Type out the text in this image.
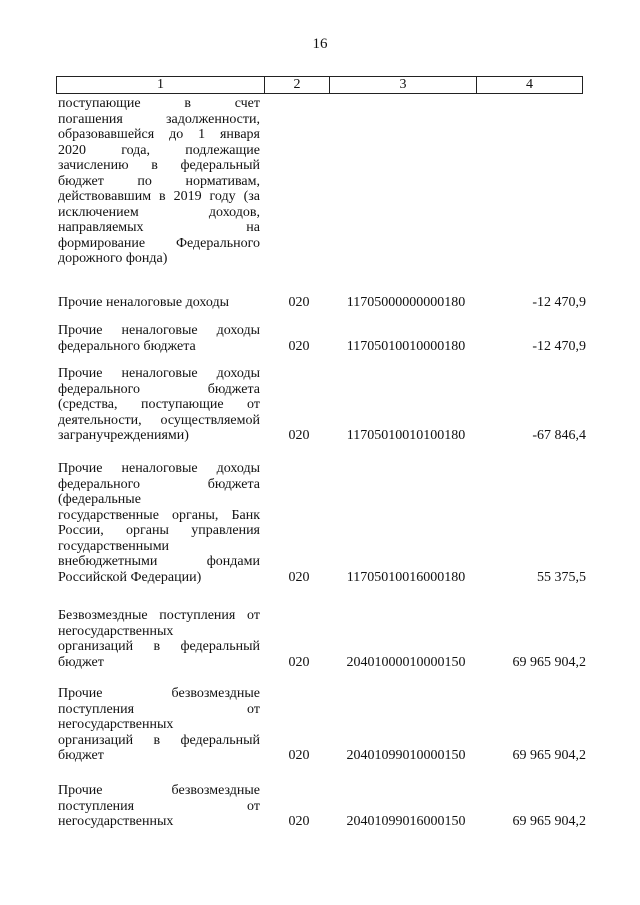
16
1	2	3	4
поступающие в счет
погашения задолженности,
образовавшейся до 1 января
2020 года, подлежащие
зачислению в федеральный
бюджет по нормативам,
действовавшим в 2019 году (за
исключением доходов,
направляемых на
формирование Федерального
дорожного фонда)
Прочие неналоговые доходы	020	11705000000000180	-12 470,9
Прочие неналоговые доходы
федерального бюджета	020	11705010010000180	-12 470,9
Прочие неналоговые доходы
федерального бюджета
(средства, поступающие от
деятельности, осуществляемой
загранучреждениями)	020	11705010010100180	-67 846,4
Прочие неналоговые доходы
федерального бюджета
(федеральные
государственные органы, Банк
России, органы управления
государственными
внебюджетными фондами
Российской Федерации)	020	11705010016000180	55 375,5
Безвозмездные поступления от
негосударственных
организаций в федеральный
бюджет	020	20401000010000150	69 965 904,2
Прочие безвозмездные
поступления от
негосударственных
организаций в федеральный
бюджет	020	20401099010000150	69 965 904,2
Прочие безвозмездные
поступления от
негосударственных	020	20401099016000150	69 965 904,2
